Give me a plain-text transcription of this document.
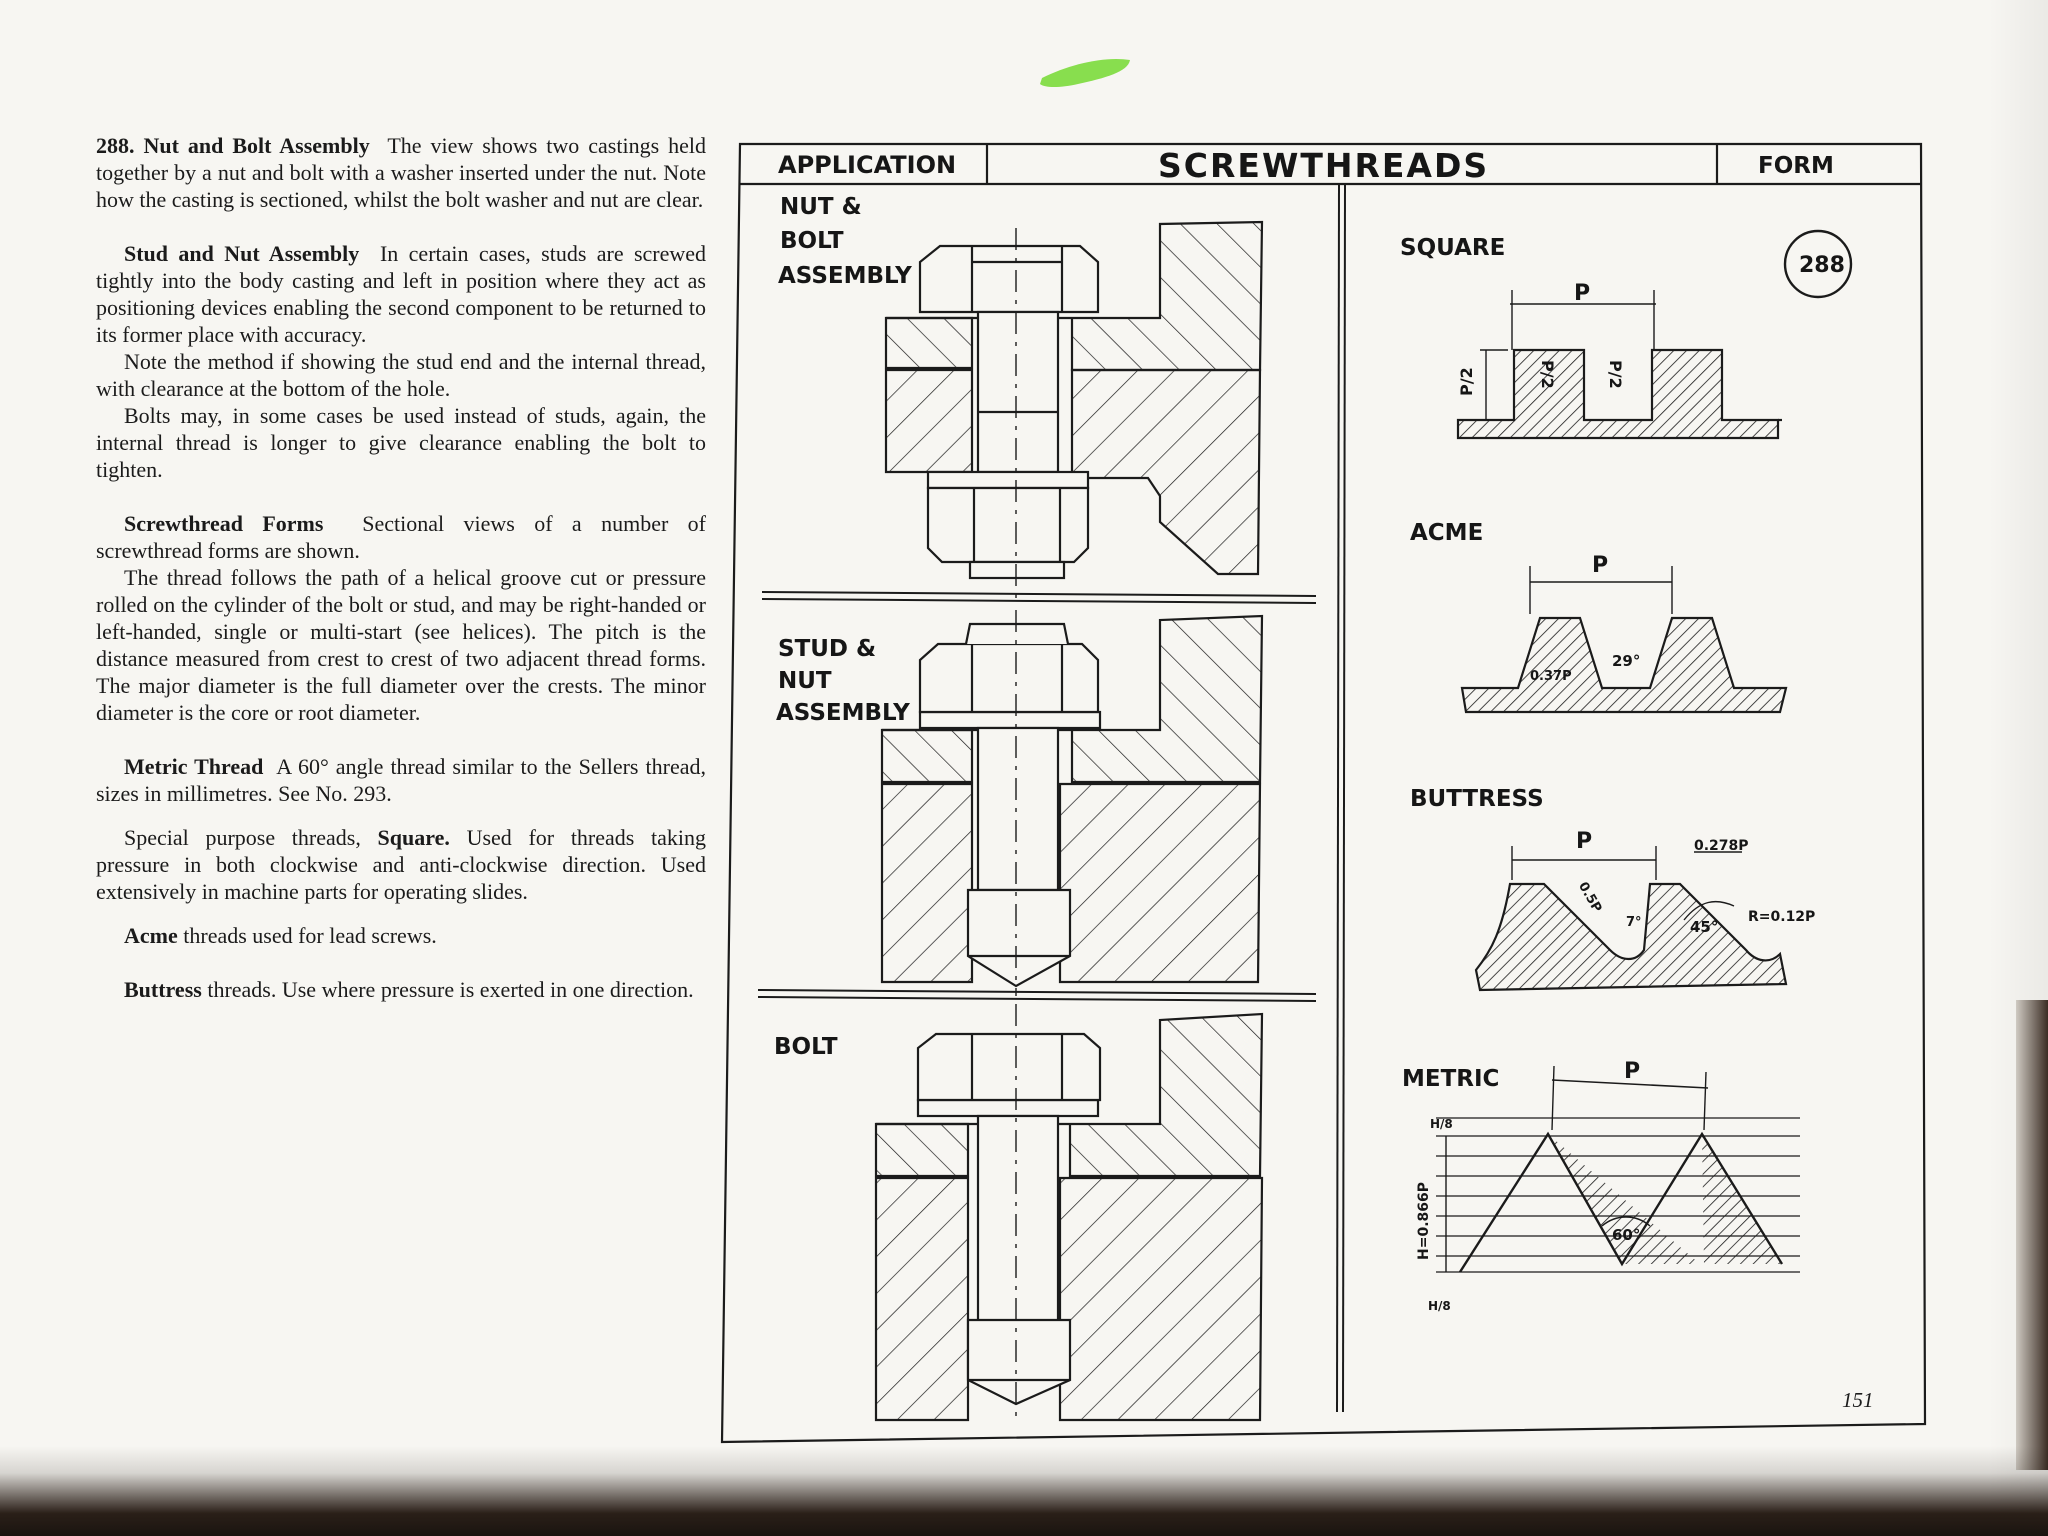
288. Nut and Bolt Assembly The view shows two castings held together by a nut and bolt with a washer inserted under the nut. Note how the casting is sectioned, whilst the bolt washer and nut are clear.

Stud and Nut Assembly In certain cases, studs are screwed tightly into the body casting and left in position where they act as positioning devices enabling the second component to be returned to its former place with accuracy.

Note the method if showing the stud end and the internal thread, with clearance at the bottom of the hole.

Bolts may, in some cases be used instead of studs, again, the internal thread is longer to give clearance enabling the bolt to tighten.

Screwthread Forms Sectional views of a number of screwthread forms are shown.

The thread follows the path of a helical groove cut or pressure rolled on the cylinder of the bolt or stud, and may be right-handed or left-handed, single or multi-start (see helices). The pitch is the distance measured from crest to crest of two adjacent thread forms. The major diameter is the full diameter over the crests. The minor diameter is the core or root diameter.

Metric Thread A 60° angle thread similar to the Sellers thread, sizes in millimetres. See No. 293.

Special purpose threads, Square. Used for threads taking pressure in both clockwise and anti-clockwise direction. Used extensively in machine parts for operating slides.

Acme threads used for lead screws.

Buttress threads. Use where pressure is exerted in one direction.

APPLICATION	SCREWTHREADS	FORM
NUT &
BOLT
ASSEMBLY
STUD &
NUT
ASSEMBLY
BOLT
SQUARE
ACME
BUTTRESS
METRIC
288
P
P/2	P/2
P/2
P
29°
0.37P
P	0.278P
R=0.12P
45°
0.5P
7°
P
60°
H=0.866P
H/8
H/8
151
